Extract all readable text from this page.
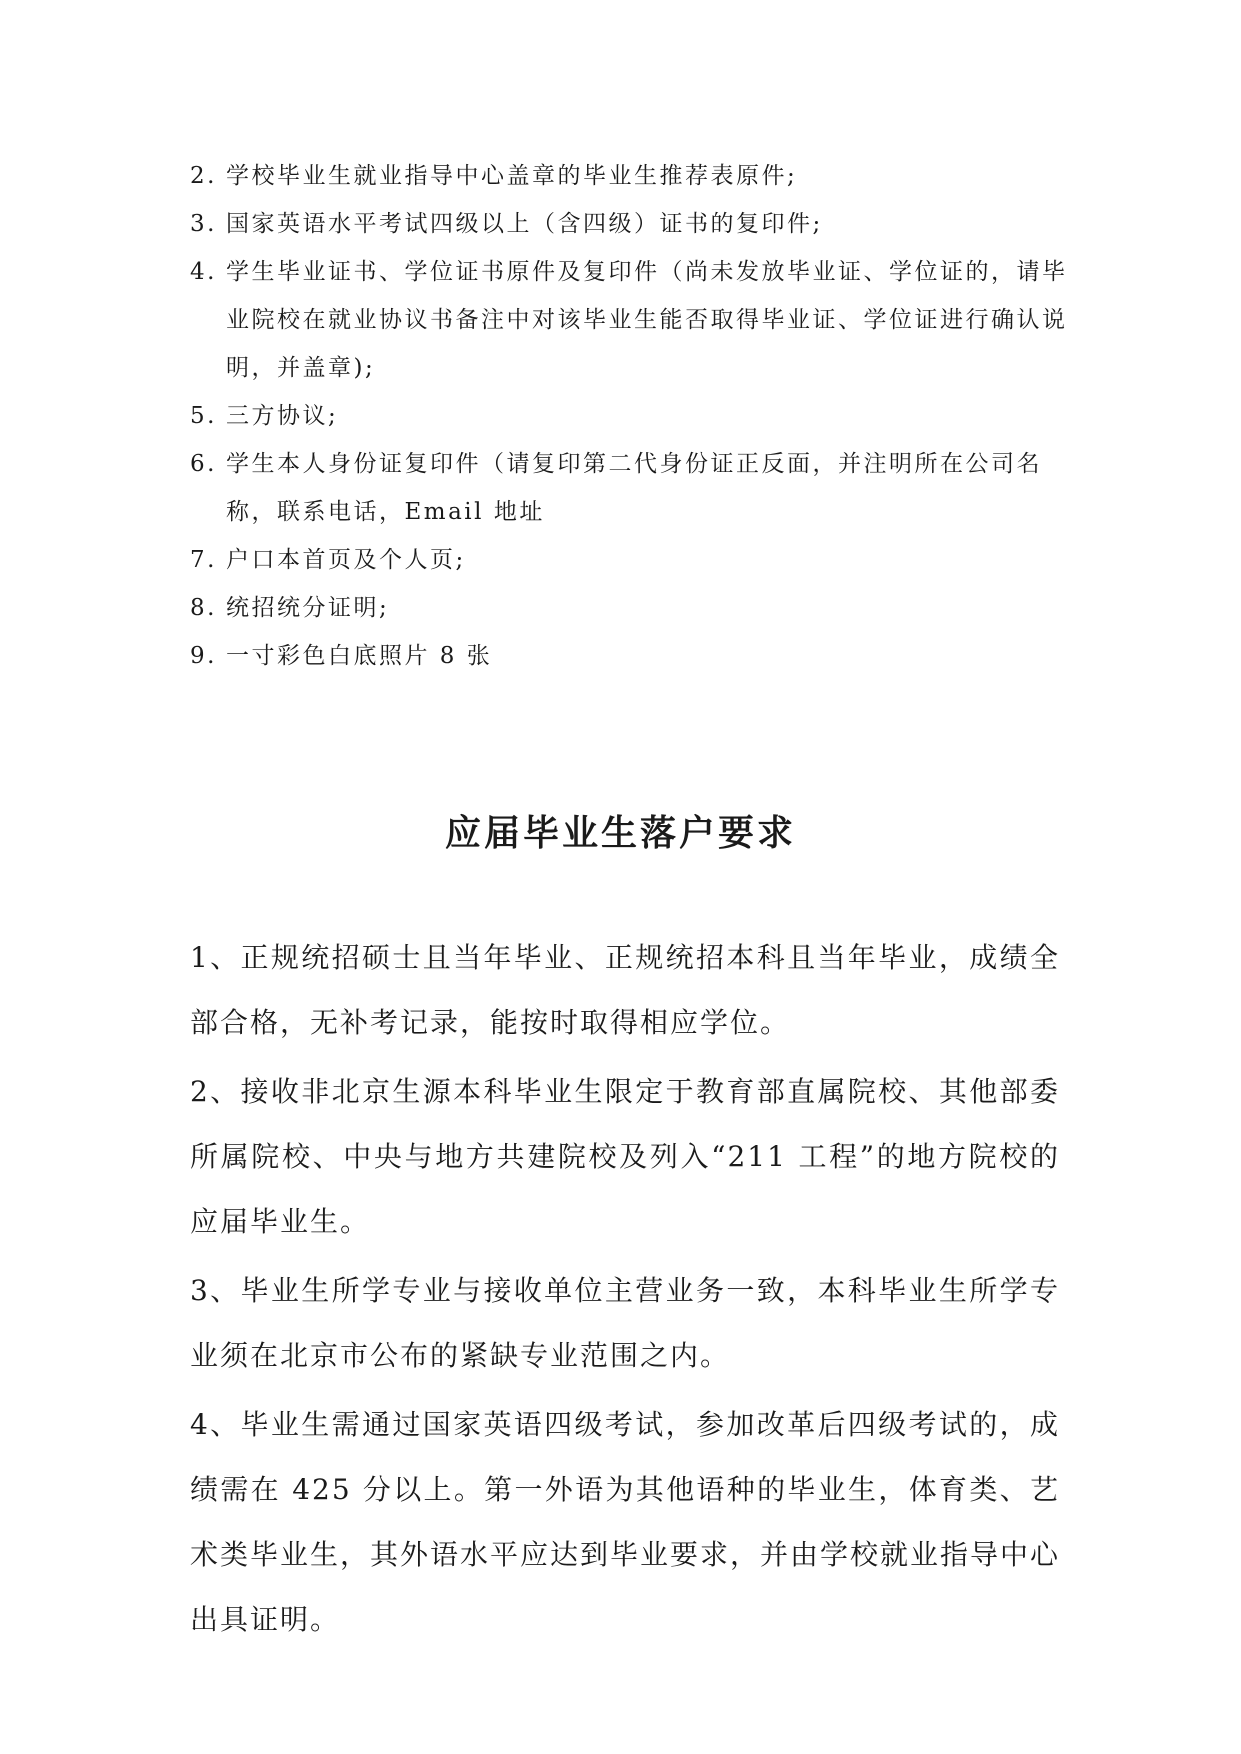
2. 学校毕业生就业指导中心盖章的毕业生推荐表原件;
3. 国家英语水平考试四级以上（含四级）证书的复印件;
4. 学生毕业证书、学位证书原件及复印件（尚未发放毕业证、学位证的，请毕业院校在就业协议书备注中对该毕业生能否取得毕业证、学位证进行确认说明，并盖章);
5. 三方协议;
6. 学生本人身份证复印件（请复印第二代身份证正反面，并注明所在公司名称，联系电话，Email 地址
7. 户口本首页及个人页;
8. 统招统分证明;
9. 一寸彩色白底照片 8 张
应届毕业生落户要求

1、正规统招硕士且当年毕业、正规统招本科且当年毕业，成绩全部合格，无补考记录，能按时取得相应学位。

2、接收非北京生源本科毕业生限定于教育部直属院校、其他部委所属院校、中央与地方共建院校及列入“211 工程”的地方院校的应届毕业生。

3、毕业生所学专业与接收单位主营业务一致，本科毕业生所学专业须在北京市公布的紧缺专业范围之内。

4、毕业生需通过国家英语四级考试，参加改革后四级考试的，成绩需在 425 分以上。第一外语为其他语种的毕业生，体育类、艺术类毕业生，其外语水平应达到毕业要求，并由学校就业指导中心出具证明。
